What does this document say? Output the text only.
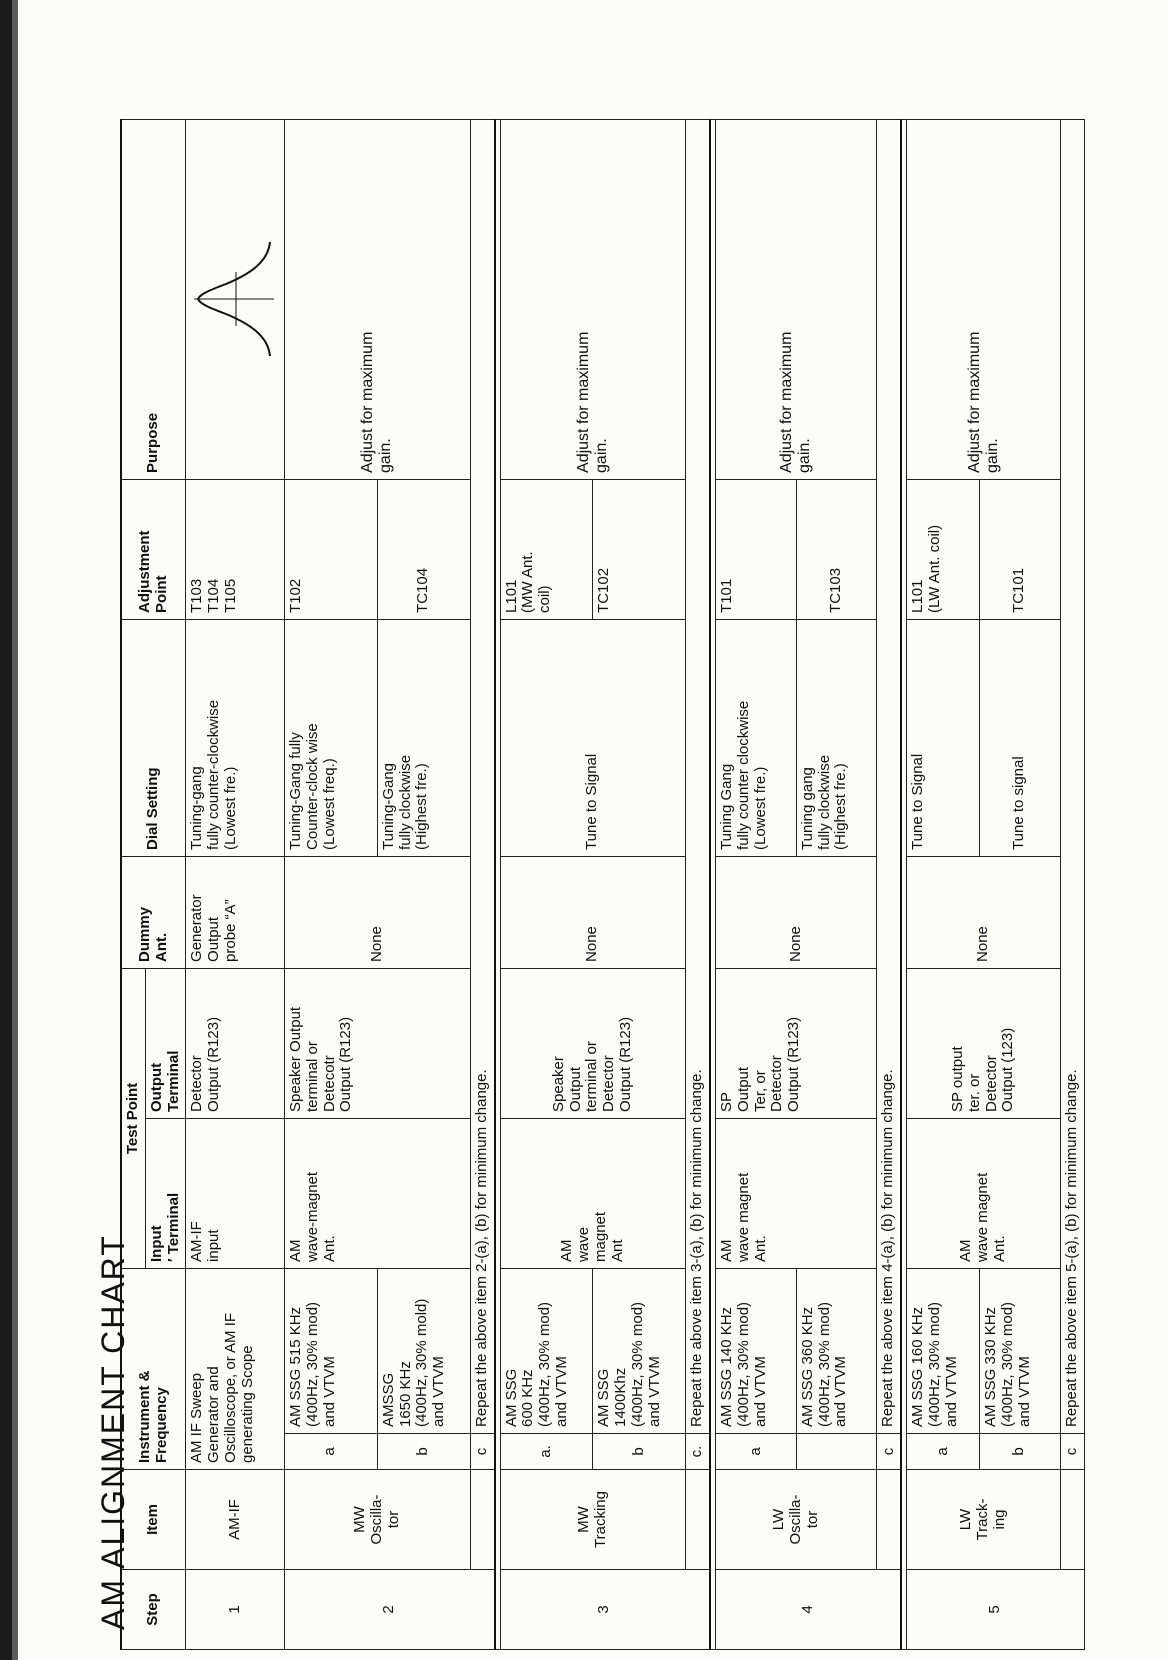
AM ALIGNMENT CHART Step	Item	Instrument &
Frequency		Test Point		Dummy
Ant.	Dial Setting	Adjustment
Point	Purpose
				Input
′ Terminal	Output
Terminal				
1	AM-IF	AM IF Sweep
Generator and
Oscilloscope, or AM IF
generating Scope		AM-IF
input	Detector
Output (R123)	Generator
Output
probe “A”	Tuning-gang
fully counter-clockwise
(Lowest fre.)	T103
T104
T105	
2	MW
Oscilla-
tor	a	AM SSG 515 KHz
(400Hz, 30% mod)
and VTVM	AM
wave-magnet
Ant.	Speaker Output
terminal or
Detecotr
Output (R123)	None	Tuning-Gang fully
Counter-clock wise
(Lowest freq.)	T102	Adjust for maximum
gain.
		b	AMSSG
1650 KHz
(400Hz, 30% mold)
and VTVM				Tuning-Gang
fully clockwise
(Highest fre.)	TC104	
		c	Repeat the above item 2-(a), (b) for minimum change.						

3	MW
Tracking	a.	AM SSG
600 KHz
(400Hz, 30% mod)
and VTVM	AM
wave
magnet
Ant	Speaker
Output
terminal or
Detector
Output (R123)	None	Tune to Signal	L101
(MW Ant.
coil)	Adjust for maximum
gain.
		b	AM SSG
1400Khz
(400Hz, 30% mod)
and VTVM					TC102	
		c.	Repeat the above item 3-(a), (b) for minimum change.						

4	LW
Oscilla-
tor	a	AM SSG 140 KHz
(400Hz, 30% mod)
and VTVM	AM
wave magnet
Ant.	SP
Output
Ter, or
Detector
Output (R123)	None	Tuning Gang
fully counter clockwise
(Lowest fre.)	T101	Adjust for maximum
gain.
			AM SSG 360 KHz
(400Hz, 30% mod)
and VTVM				Tuning gang
fully clockwise
(Highest fre.)	TC103	
		c	Repeat the above item 4-(a), (b) for minimum change.						

5	LW
Track-
ing	a	AM SSG 160 KHz
(400Hz, 30% mod)
and VTVM	AM
wave magnet
Ant.	SP output
ter. or
Detector
Output (123)	None	Tune to Signal	L101
(LW Ant. coil)	Adjust for maximum
gain.
		b	AM SSG 330 KHz
(400Hz, 30% mod)
and VTVM				Tune to signal	TC101	
		c	Repeat the above item 5-(a), (b) for minimum change.						
